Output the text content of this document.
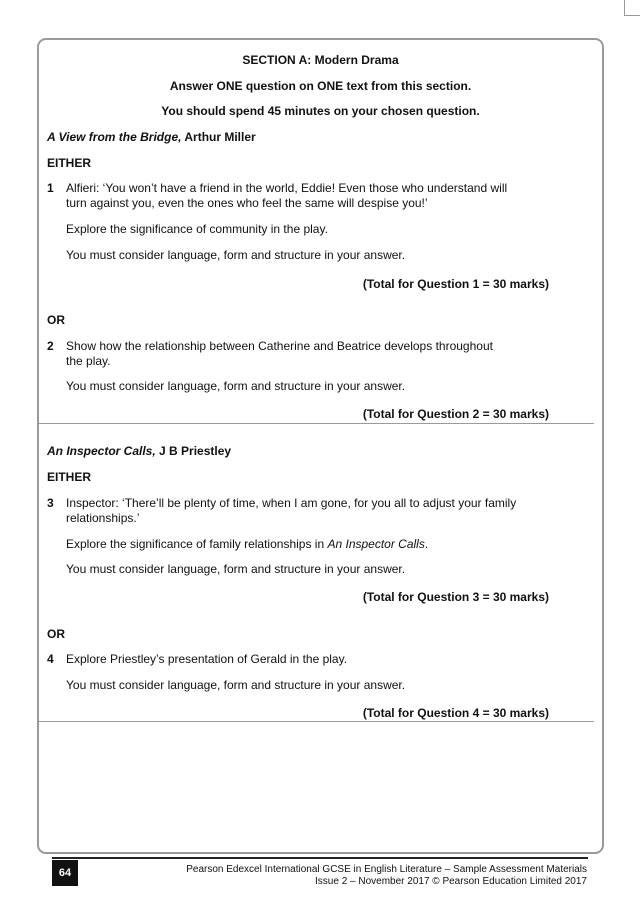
SECTION A: Modern Drama
Answer ONE question on ONE text from this section.
You should spend 45 minutes on your chosen question.
A View from the Bridge, Arthur Miller
EITHER
1 Alfieri: ‘You won’t have a friend in the world, Eddie! Even those who understand will
turn against you, even the ones who feel the same will despise you!’
Explore the significance of community in the play.
You must consider language, form and structure in your answer.
(Total for Question 1 = 30 marks)
OR
2 Show how the relationship between Catherine and Beatrice develops throughout
the play.
You must consider language, form and structure in your answer.
(Total for Question 2 = 30 marks)
An Inspector Calls, J B Priestley
EITHER
3 Inspector: ‘There’ll be plenty of time, when I am gone, for you all to adjust your family
relationships.’
Explore the significance of family relationships in An Inspector Calls.
You must consider language, form and structure in your answer.
(Total for Question 3 = 30 marks)
OR
4 Explore Priestley’s presentation of Gerald in the play.
You must consider language, form and structure in your answer.
(Total for Question 4 = 30 marks)
64	Pearson Edexcel International GCSE in English Literature – Sample Assessment Materials
Issue 2 – November 2017 © Pearson Education Limited 2017
